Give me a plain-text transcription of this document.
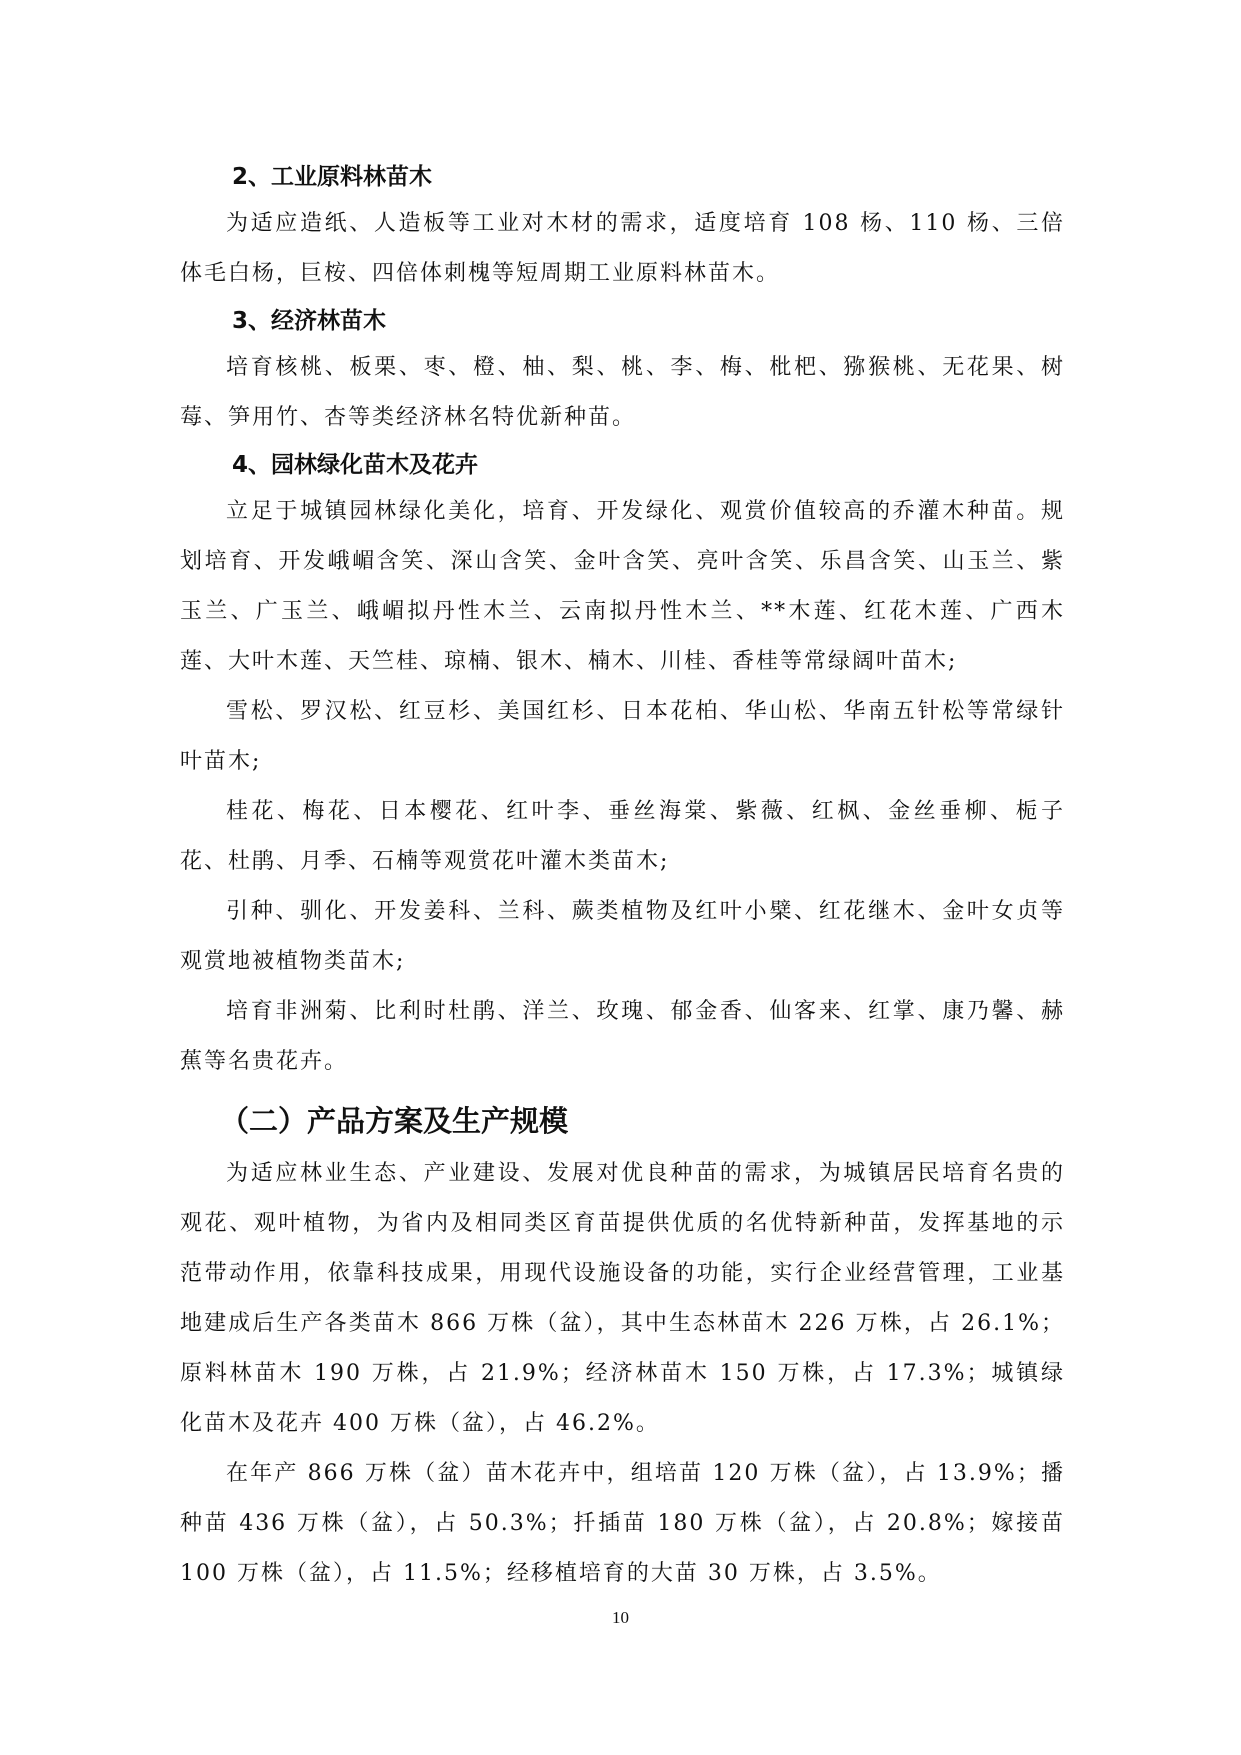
2、工业原料林苗木

为适应造纸、人造板等工业对木材的需求，适度培育 108 杨、110 杨、三倍体毛白杨，巨桉、四倍体刺槐等短周期工业原料林苗木。

3、经济林苗木

培育核桃、板栗、枣、橙、柚、梨、桃、李、梅、枇杷、猕猴桃、无花果、树莓、笋用竹、杏等类经济林名特优新种苗。

4、园林绿化苗木及花卉

立足于城镇园林绿化美化，培育、开发绿化、观赏价值较高的乔灌木种苗。规划培育、开发峨嵋含笑、深山含笑、金叶含笑、亮叶含笑、乐昌含笑、山玉兰、紫玉兰、广玉兰、峨嵋拟丹性木兰、云南拟丹性木兰、**木莲、红花木莲、广西木莲、大叶木莲、天竺桂、琼楠、银木、楠木、川桂、香桂等常绿阔叶苗木;

雪松、罗汉松、红豆杉、美国红杉、日本花柏、华山松、华南五针松等常绿针叶苗木;

桂花、梅花、日本樱花、红叶李、垂丝海棠、紫薇、红枫、金丝垂柳、栀子花、杜鹃、月季、石楠等观赏花叶灌木类苗木;

引种、驯化、开发姜科、兰科、蕨类植物及红叶小檗、红花继木、金叶女贞等观赏地被植物类苗木;

培育非洲菊、比利时杜鹃、洋兰、玫瑰、郁金香、仙客来、红掌、康乃馨、赫蕉等名贵花卉。

（二）产品方案及生产规模

为适应林业生态、产业建设、发展对优良种苗的需求，为城镇居民培育名贵的观花、观叶植物，为省内及相同类区育苗提供优质的名优特新种苗，发挥基地的示范带动作用，依靠科技成果，用现代设施设备的功能，实行企业经营管理，工业基地建成后生产各类苗木 866 万株（盆），其中生态林苗木 226 万株，占 26.1%；原料林苗木 190 万株，占 21.9%；经济林苗木 150 万株，占 17.3%；城镇绿化苗木及花卉 400 万株（盆），占 46.2%。

在年产 866 万株（盆）苗木花卉中，组培苗 120 万株（盆），占 13.9%；播种苗 436 万株（盆），占 50.3%；扦插苗 180 万株（盆），占 20.8%；嫁接苗 100 万株（盆），占 11.5%；经移植培育的大苗 30 万株，占 3.5%。

10
